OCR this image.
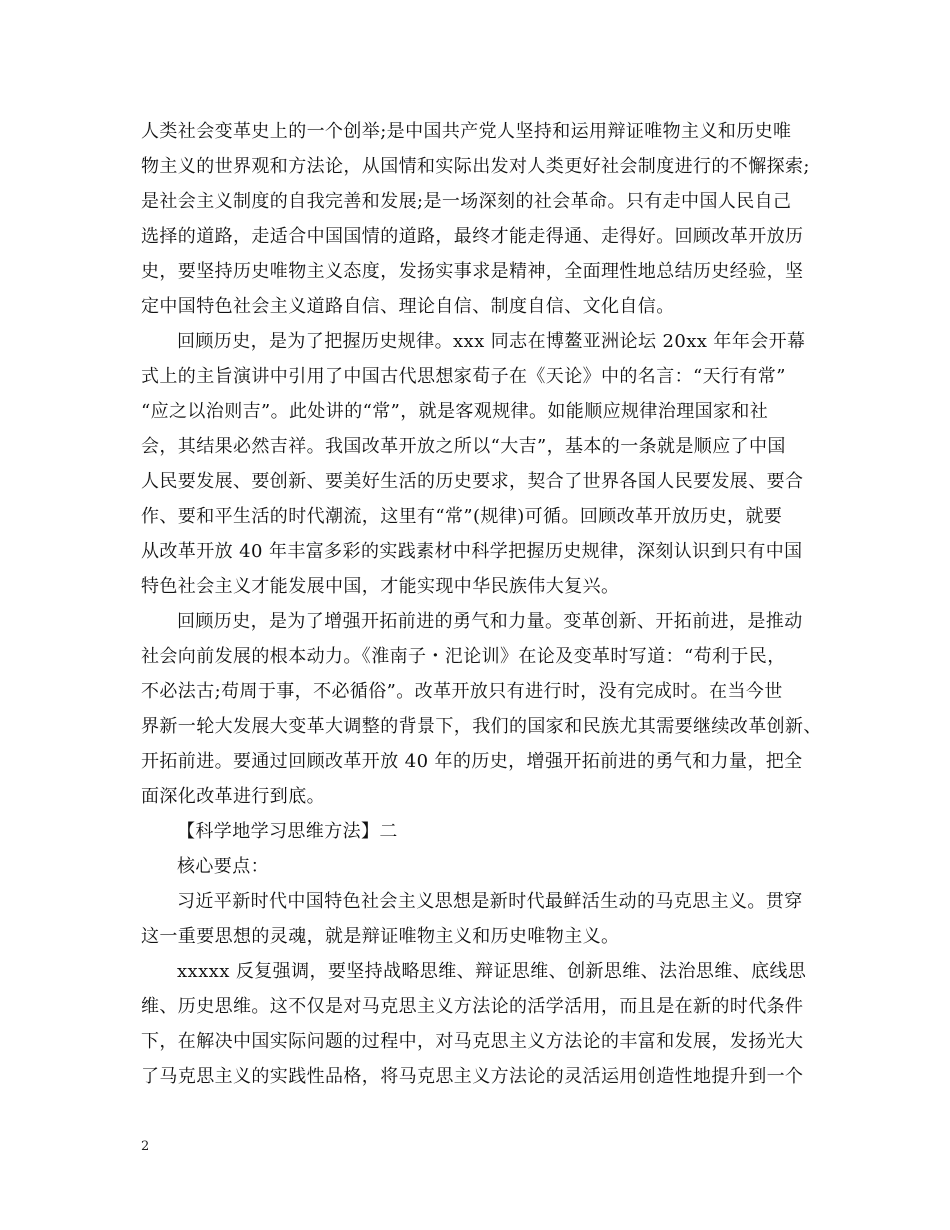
人类社会变革史上的一个创举;是中国共产党人坚持和运用辩证唯物主义和历史唯
物主义的世界观和方法论，从国情和实际出发对人类更好社会制度进行的不懈探索;
是社会主义制度的自我完善和发展;是一场深刻的社会革命。只有走中国人民自己
选择的道路，走适合中国国情的道路，最终才能走得通、走得好。回顾改革开放历
史，要坚持历史唯物主义态度，发扬实事求是精神，全面理性地总结历史经验，坚
定中国特色社会主义道路自信、理论自信、制度自信、文化自信。
回顾历史，是为了把握历史规律。xxx 同志在博鳌亚洲论坛 20xx 年年会开幕
式上的主旨演讲中引用了中国古代思想家荀子在《天论》中的名言：“天行有常”
“应之以治则吉”。此处讲的“常”，就是客观规律。如能顺应规律治理国家和社
会，其结果必然吉祥。我国改革开放之所以“大吉”，基本的一条就是顺应了中国
人民要发展、要创新、要美好生活的历史要求，契合了世界各国人民要发展、要合
作、要和平生活的时代潮流，这里有“常”(规律)可循。回顾改革开放历史，就要
从改革开放 40 年丰富多彩的实践素材中科学把握历史规律，深刻认识到只有中国
特色社会主义才能发展中国，才能实现中华民族伟大复兴。
回顾历史，是为了增强开拓前进的勇气和力量。变革创新、开拓前进，是推动
社会向前发展的根本动力。《淮南子・汜论训》在论及变革时写道：“苟利于民，
不必法古;苟周于事，不必循俗”。改革开放只有进行时，没有完成时。在当今世
界新一轮大发展大变革大调整的背景下，我们的国家和民族尤其需要继续改革创新、
开拓前进。要通过回顾改革开放 40 年的历史，增强开拓前进的勇气和力量，把全
面深化改革进行到底。
【科学地学习思维方法】二
核心要点：
习近平新时代中国特色社会主义思想是新时代最鲜活生动的马克思主义。贯穿
这一重要思想的灵魂，就是辩证唯物主义和历史唯物主义。
xxxxx 反复强调，要坚持战略思维、辩证思维、创新思维、法治思维、底线思
维、历史思维。这不仅是对马克思主义方法论的活学活用，而且是在新的时代条件
下，在解决中国实际问题的过程中，对马克思主义方法论的丰富和发展，发扬光大
了马克思主义的实践性品格，将马克思主义方法论的灵活运用创造性地提升到一个
2
